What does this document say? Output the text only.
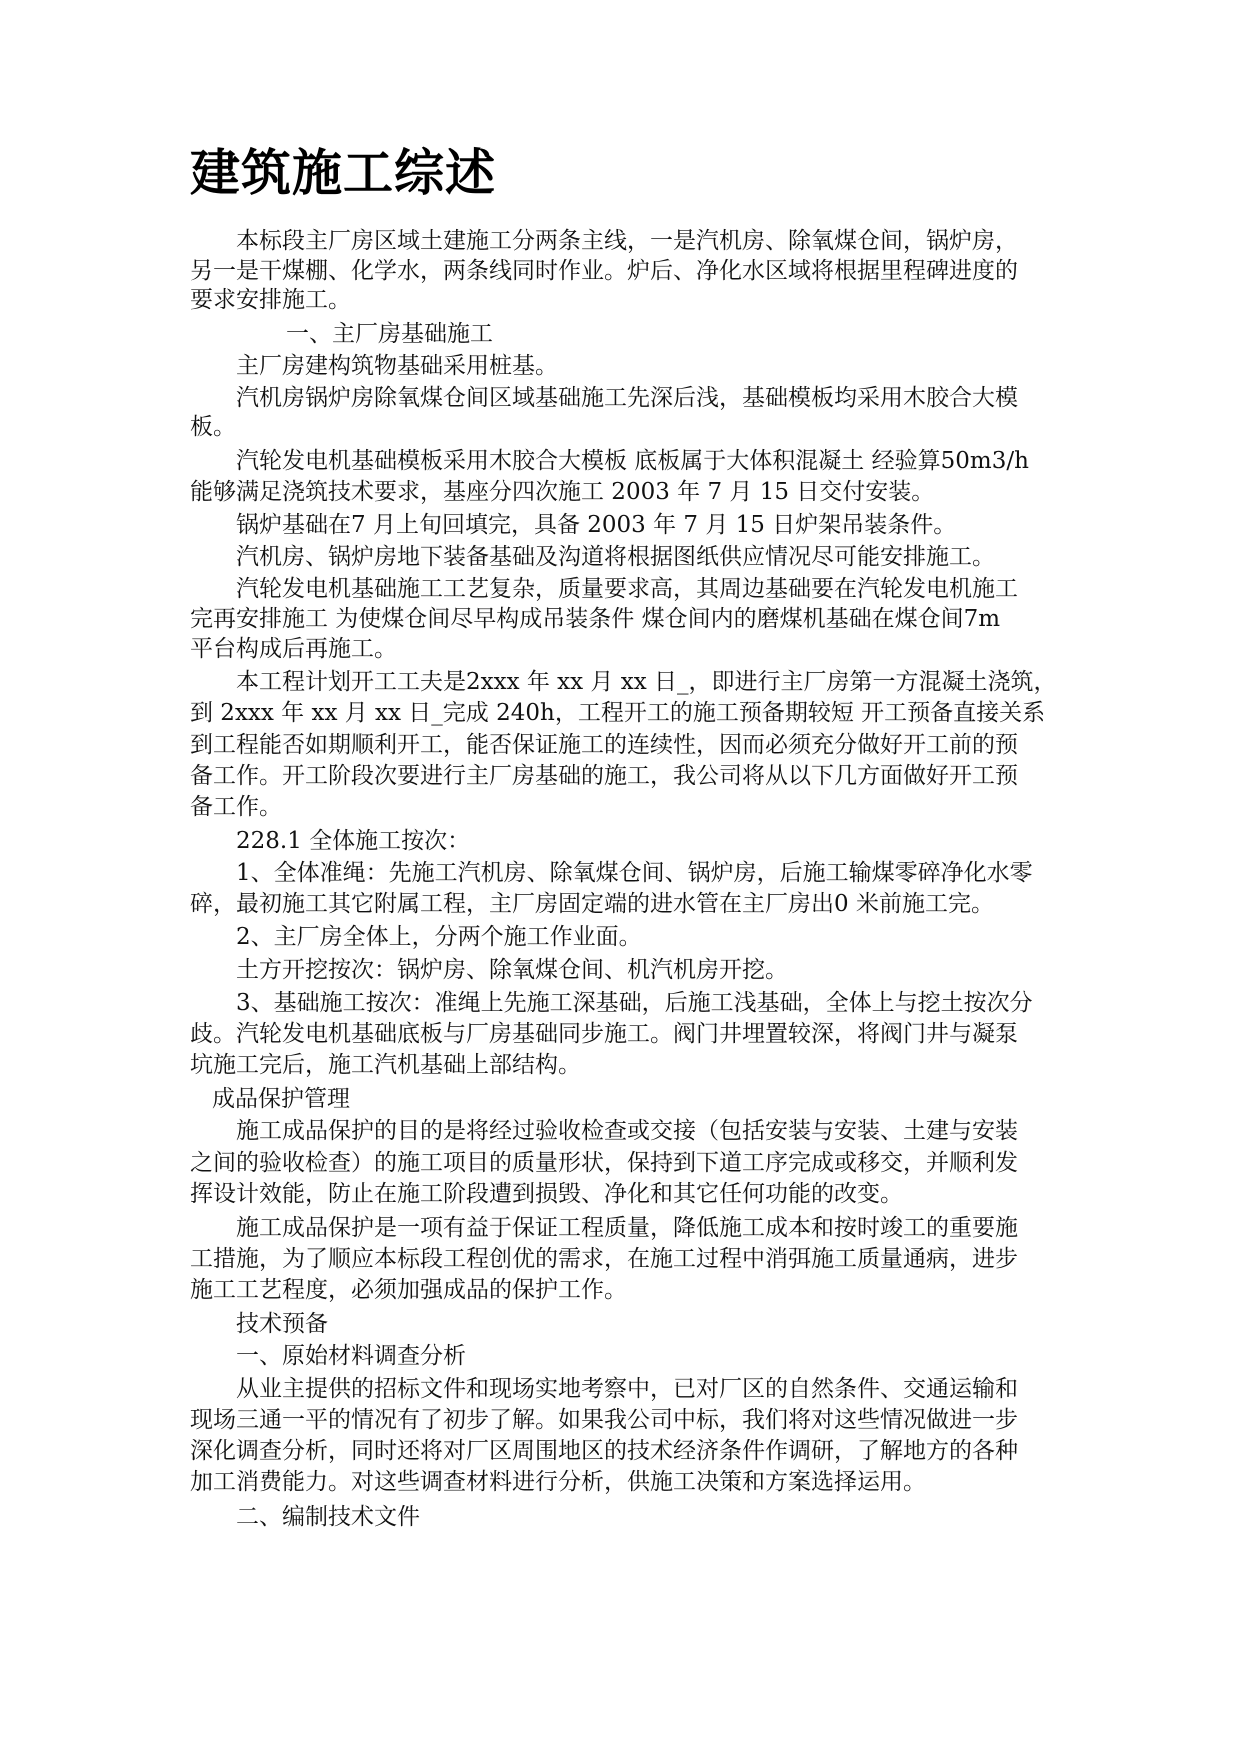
建筑施工综述

本标段主厂房区域土建施工分两条主线，一是汽机房、除氧煤仓间，锅炉房，

另一是干煤棚、化学水，两条线同时作业。炉后、净化水区域将根据里程碑进度的

要求安排施工。

一、主厂房基础施工

主厂房建构筑物基础采用桩基。

汽机房锅炉房除氧煤仓间区域基础施工先深后浅，基础模板均采用木胶合大模

板。

汽轮发电机基础模板采用木胶合大模板 底板属于大体积混凝土 经验算50m3/h

能够满足浇筑技术要求，基座分四次施工 2003 年 7 月 15 日交付安装。

锅炉基础在7 月上旬回填完，具备 2003 年 7 月 15 日炉架吊装条件。

汽机房、锅炉房地下装备基础及沟道将根据图纸供应情况尽可能安排施工。

汽轮发电机基础施工工艺复杂，质量要求高，其周边基础要在汽轮发电机施工

完再安排施工 为使煤仓间尽早构成吊装条件 煤仓间内的磨煤机基础在煤仓间7m

平台构成后再施工。

本工程计划开工工夫是2xxx 年 xx 月 xx 日_，即进行主厂房第一方混凝土浇筑，

到 2xxx 年 xx 月 xx 日_完成 240h，工程开工的施工预备期较短 开工预备直接关系

到工程能否如期顺利开工，能否保证施工的连续性，因而必须充分做好开工前的预

备工作。开工阶段次要进行主厂房基础的施工，我公司将从以下几方面做好开工预

备工作。

228.1 全体施工按次：

1、全体准绳：先施工汽机房、除氧煤仓间、锅炉房，后施工输煤零碎净化水零

碎，最初施工其它附属工程，主厂房固定端的进水管在主厂房出0 米前施工完。

2、主厂房全体上，分两个施工作业面。

土方开挖按次：锅炉房、除氧煤仓间、机汽机房开挖。

3、基础施工按次：准绳上先施工深基础，后施工浅基础，全体上与挖土按次分

歧。汽轮发电机基础底板与厂房基础同步施工。阀门井埋置较深，将阀门井与凝泵

坑施工完后，施工汽机基础上部结构。

成品保护管理

施工成品保护的目的是将经过验收检查或交接（包括安装与安装、土建与安装

之间的验收检查）的施工项目的质量形状，保持到下道工序完成或移交，并顺利发

挥设计效能，防止在施工阶段遭到损毁、净化和其它任何功能的改变。

施工成品保护是一项有益于保证工程质量，降低施工成本和按时竣工的重要施

工措施，为了顺应本标段工程创优的需求，在施工过程中消弭施工质量通病，进步

施工工艺程度，必须加强成品的保护工作。

技术预备

一、原始材料调查分析

从业主提供的招标文件和现场实地考察中，已对厂区的自然条件、交通运输和

现场三通一平的情况有了初步了解。如果我公司中标，我们将对这些情况做进一步

深化调查分析，同时还将对厂区周围地区的技术经济条件作调研，了解地方的各种

加工消费能力。对这些调查材料进行分析，供施工决策和方案选择运用。

二、编制技术文件
